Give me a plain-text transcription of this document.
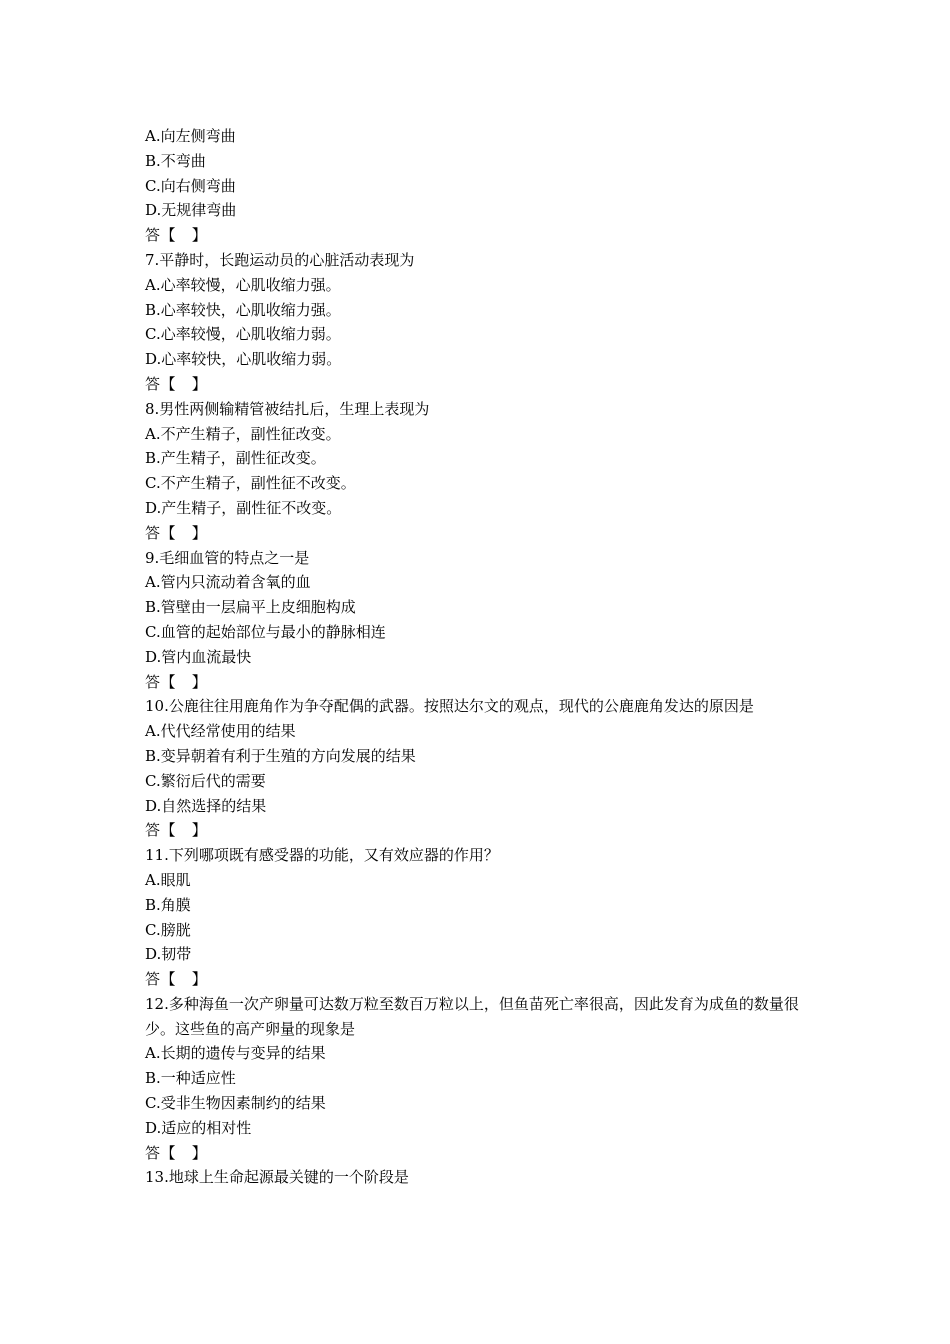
A.向左侧弯曲
B.不弯曲
C.向右侧弯曲
D.无规律弯曲
答【   】
7.平静时，长跑运动员的心脏活动表现为
A.心率较慢，心肌收缩力强。
B.心率较快，心肌收缩力强。
C.心率较慢，心肌收缩力弱。
D.心率较快，心肌收缩力弱。
答【   】
8.男性两侧输精管被结扎后，生理上表现为
A.不产生精子，副性征改变。
B.产生精子，副性征改变。
C.不产生精子，副性征不改变。
D.产生精子，副性征不改变。
答【   】
9.毛细血管的特点之一是
A.管内只流动着含氧的血
B.管壁由一层扁平上皮细胞构成
C.血管的起始部位与最小的静脉相连
D.管内血流最快
答【   】
10.公鹿往往用鹿角作为争夺配偶的武器。按照达尔文的观点，现代的公鹿鹿角发达的原因是
A.代代经常使用的结果
B.变异朝着有利于生殖的方向发展的结果
C.繁衍后代的需要
D.自然选择的结果
答【   】
11.下列哪项既有感受器的功能，又有效应器的作用？
A.眼肌
B.角膜
C.膀胱
D.韧带
答【   】
12.多种海鱼一次产卵量可达数万粒至数百万粒以上，但鱼苗死亡率很高，因此发育为成鱼的数量很少。这些鱼的高产卵量的现象是
A.长期的遗传与变异的结果
B.一种适应性
C.受非生物因素制约的结果
D.适应的相对性
答【   】
13.地球上生命起源最关键的一个阶段是
